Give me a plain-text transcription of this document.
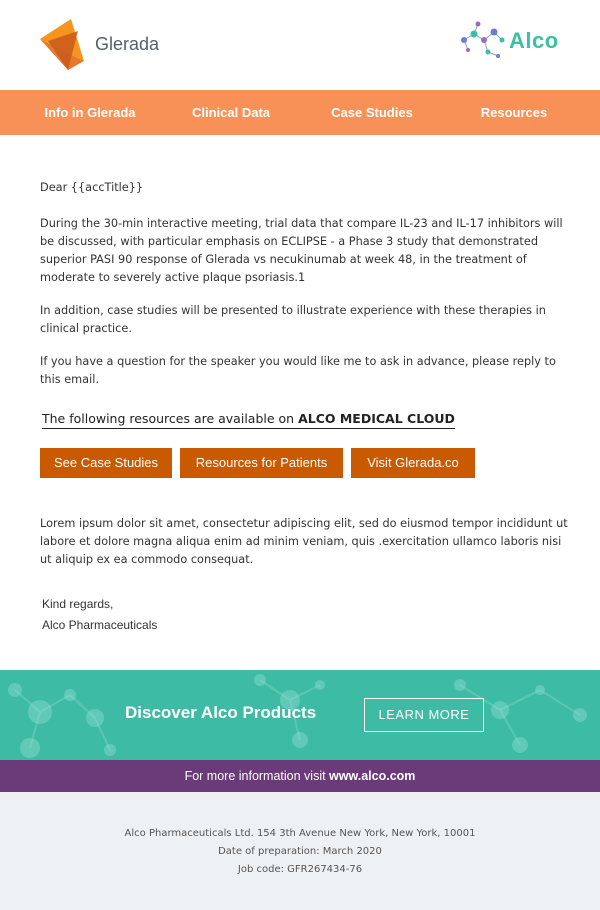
Glerada	Alco
Info in Glerada	Clinical Data	Case Studies	Resources

Dear {{accTitle}}

During the 30-min interactive meeting, trial data that compare IL-23 and IL-17 inhibitors will be discussed, with particular emphasis on ECLIPSE - a Phase 3 study that demonstrated superior PASI 90 response of Glerada vs necukinumab at week 48, in the treatment of moderate to severely active plaque psoriasis.1

In addition, case studies will be presented to illustrate experience with these therapies in clinical practice.

If you have a question for the speaker you would like me to ask in advance, please reply to this email.

The following resources are available on ALCO MEDICAL CLOUD
See Case Studies	Resources for Patients	Visit Glerada.co

Lorem ipsum dolor sit amet, consectetur adipiscing elit, sed do eiusmod tempor incididunt ut labore et dolore magna aliqua enim ad minim veniam, quis .exercitation ullamco laboris nisi ut aliquip ex ea commodo consequat.

Kind regards,

Alco Pharmaceuticals

Discover Alco Products	LEARN MORE
For more information visit www.alco.com

Alco Pharmaceuticals Ltd. 154 3th Avenue New York, New York, 10001

Date of preparation: March 2020

Job code: GFR267434-76
